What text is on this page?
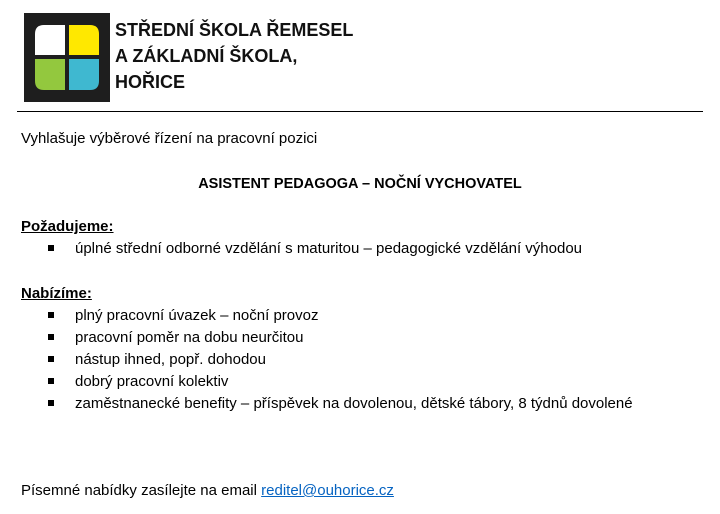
STŘEDNÍ ŠKOLA ŘEMESEL
A ZÁKLADNÍ ŠKOLA,
HOŘICE
Vyhlašuje výběrové řízení na pracovní pozici
ASISTENT PEDAGOGA – NOČNÍ VYCHOVATEL
Požadujeme:
úplné střední odborné vzdělání s maturitou – pedagogické vzdělání výhodou
Nabízíme:
plný pracovní úvazek – noční provoz
pracovní poměr na dobu neurčitou
nástup ihned, popř. dohodou
dobrý pracovní kolektiv
zaměstnanecké benefity – příspěvek na dovolenou, dětské tábory, 8 týdnů dovolené
Písemné nabídky zasílejte na email reditel@ouhorice.cz
